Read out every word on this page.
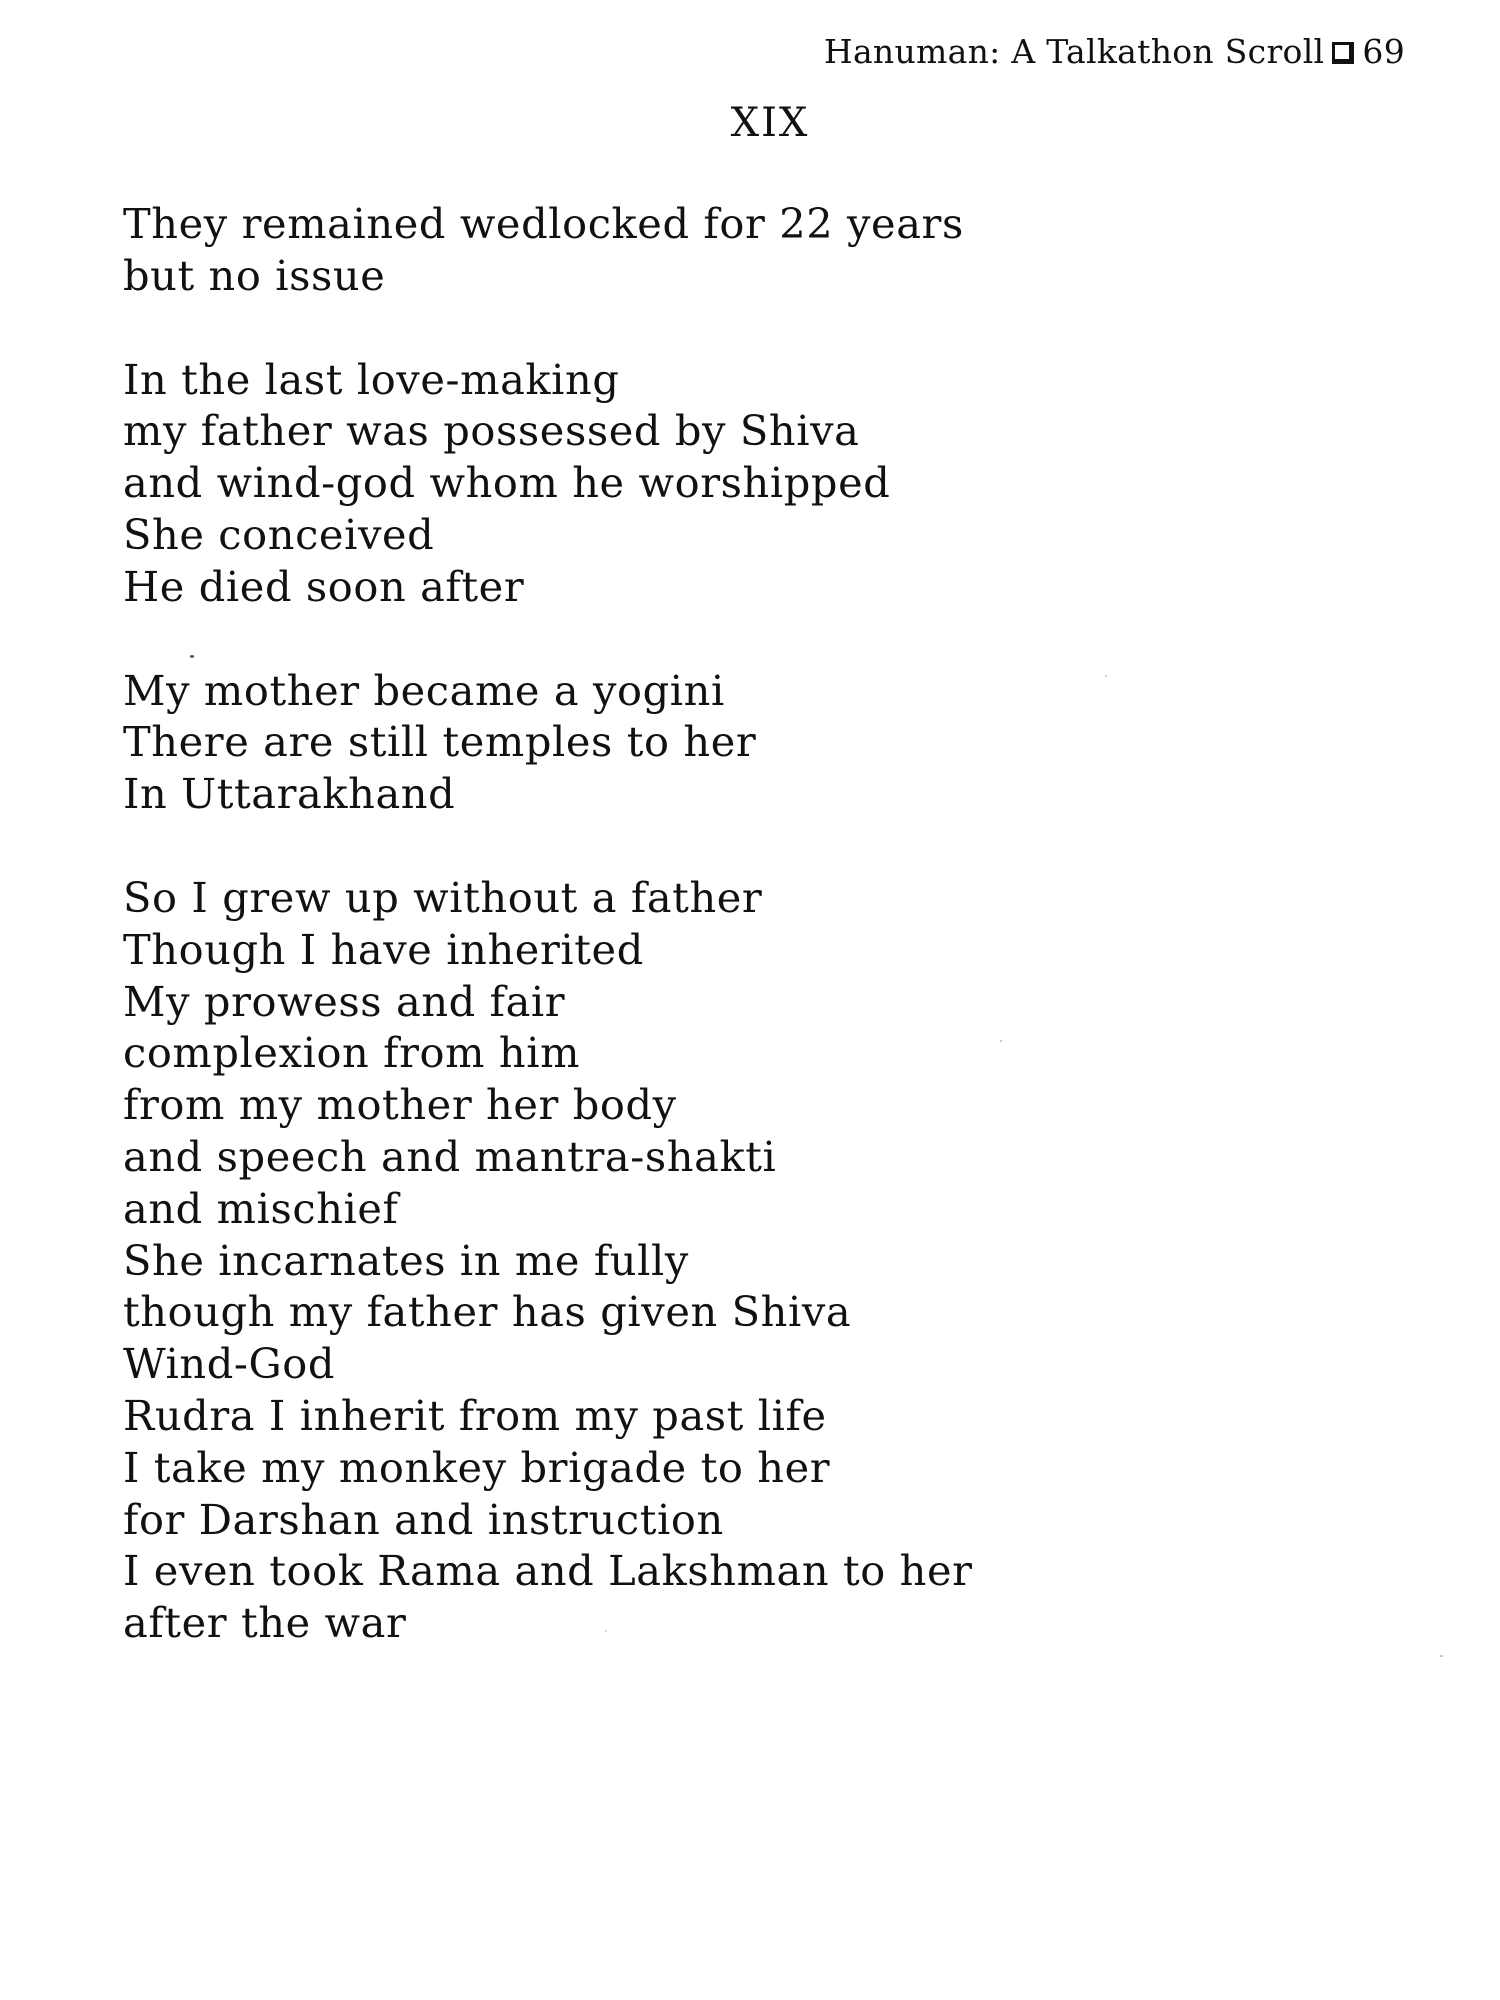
Hanuman: A Talkathon Scroll 69
XIX
They remained wedlocked for 22 years
but no issue
In the last love-making
my father was possessed by Shiva
and wind-god whom he worshipped
She conceived
He died soon after
My mother became a yogini
There are still temples to her
In Uttarakhand
So I grew up without a father
Though I have inherited
My prowess and fair
complexion from him
from my mother her body
and speech and mantra-shakti
and mischief
She incarnates in me fully
though my father has given Shiva
Wind-God
Rudra I inherit from my past life
I take my monkey brigade to her
for Darshan and instruction
I even took Rama and Lakshman to her
after the war
